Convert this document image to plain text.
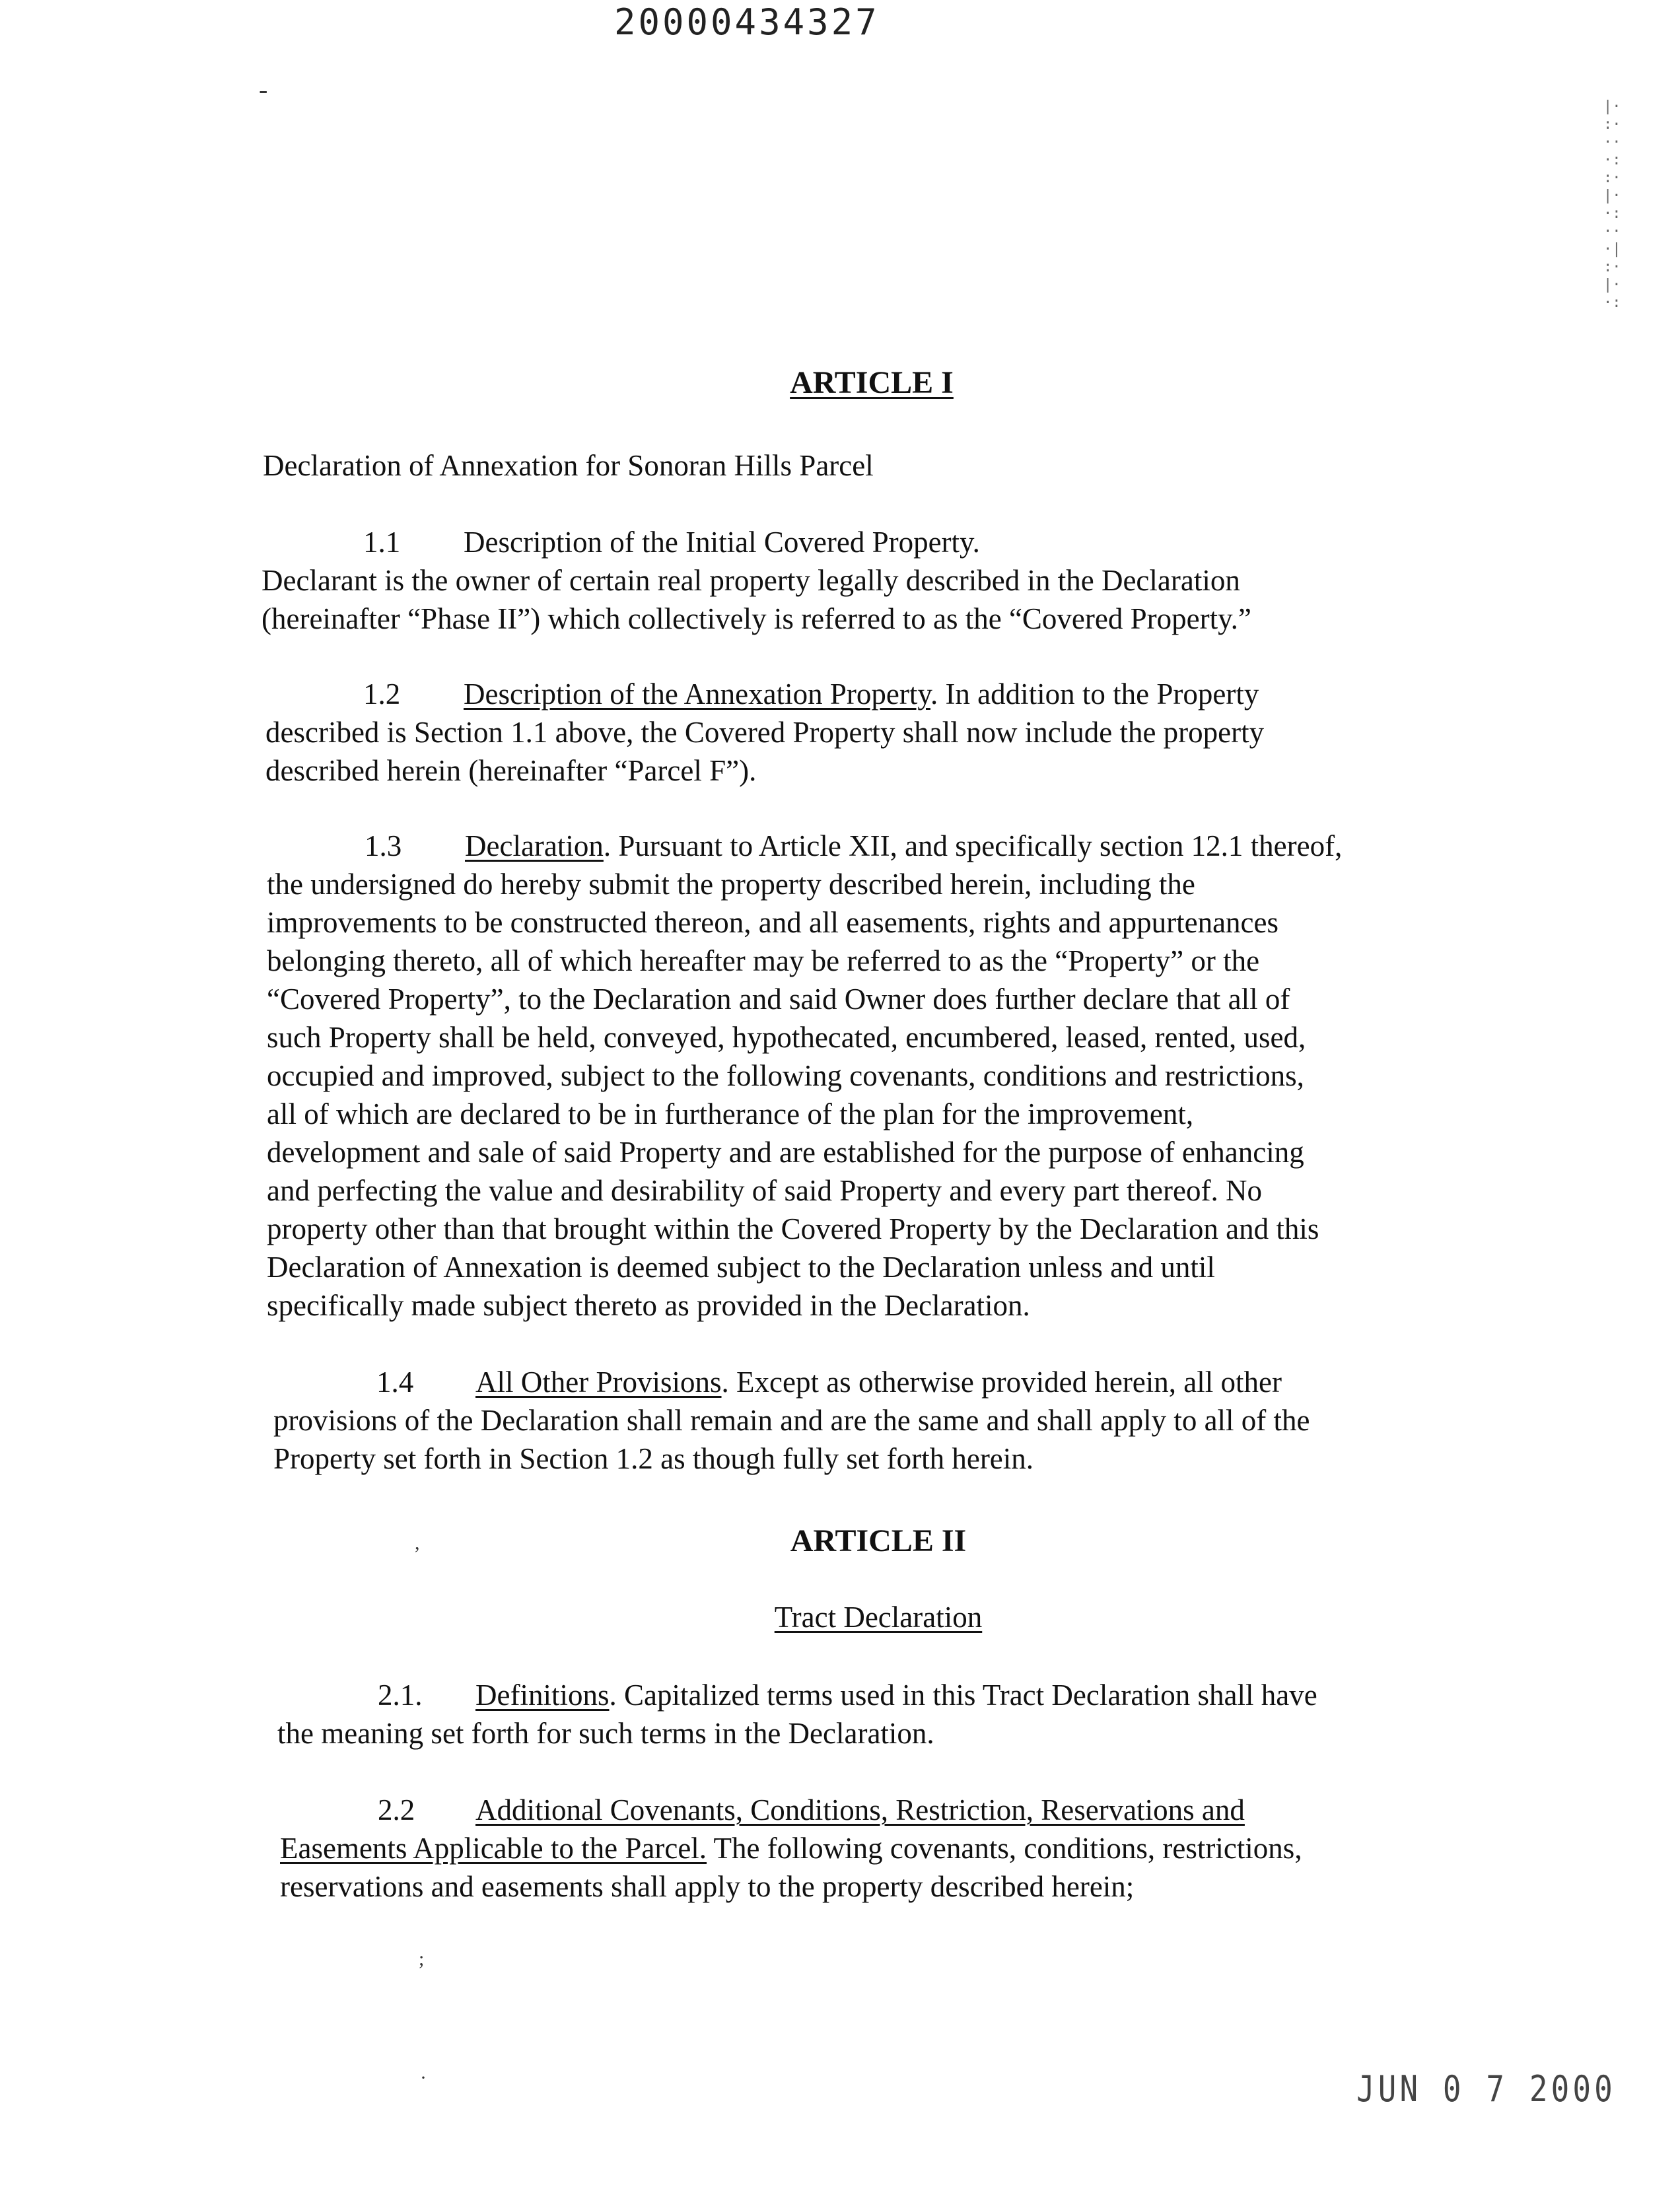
20000434327
-
|·
:·
··
·:
:·
|·
·:
··
·|
:·
|·
·:
ARTICLE I
Declaration of Annexation for Sonoran Hills Parcel
1.1 Description of the Initial Covered Property.
Declarant is the owner of certain real property legally described in the Declaration
(hereinafter “Phase II”) which collectively is referred to as the “Covered Property.”
1.2 Description of the Annexation Property. In addition to the Property
described is Section 1.1 above, the Covered Property shall now include the property
described herein (hereinafter “Parcel F”).
1.3 Declaration. Pursuant to Article XII, and specifically section 12.1 thereof,
the undersigned do hereby submit the property described herein, including the
improvements to be constructed thereon, and all easements, rights and appurtenances
belonging thereto, all of which hereafter may be referred to as the “Property” or the
“Covered Property”, to the Declaration and said Owner does further declare that all of
such Property shall be held, conveyed, hypothecated, encumbered, leased, rented, used,
occupied and improved, subject to the following covenants, conditions and restrictions,
all of which are declared to be in furtherance of the plan for the improvement,
development and sale of said Property and are established for the purpose of enhancing
and perfecting the value and desirability of said Property and every part thereof. No
property other than that brought within the Covered Property by the Declaration and this
Declaration of Annexation is deemed subject to the Declaration unless and until
specifically made subject thereto as provided in the Declaration.
1.4 All Other Provisions. Except as otherwise provided herein, all other
provisions of the Declaration shall remain and are the same and shall apply to all of the
Property set forth in Section 1.2 as though fully set forth herein.
,	ARTICLE II
Tract Declaration
2.1. Definitions. Capitalized terms used in this Tract Declaration shall have
the meaning set forth for such terms in the Declaration.
2.2 Additional Covenants, Conditions, Restriction, Reservations and
Easements Applicable to the Parcel. The following covenants, conditions, restrictions,
reservations and easements shall apply to the property described herein;
;
·	JUN 0 7 2000
